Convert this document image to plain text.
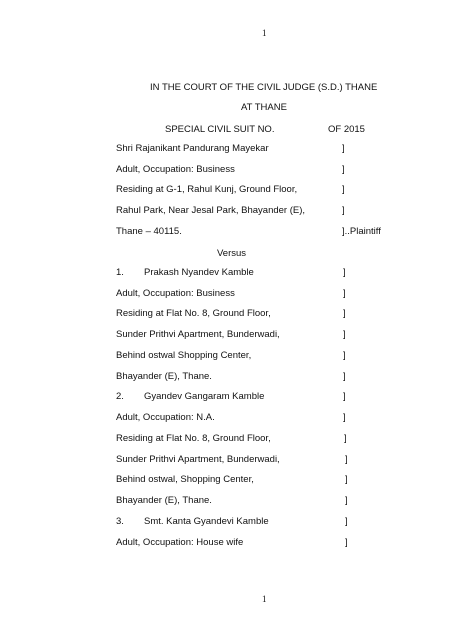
1
IN THE COURT OF THE CIVIL JUDGE (S.D.) THANE
AT THANE
SPECIAL CIVIL SUIT NO.	OF 2015
Shri Rajanikant Pandurang Mayekar	]
Adult, Occupation: Business	]
Residing at G-1, Rahul Kunj, Ground Floor,	]
Rahul Park, Near Jesal Park, Bhayander (E),	]
Thane – 40115.	]..Plaintiff
Versus
1. Prakash Nyandev Kamble	]
Adult, Occupation: Business	]
Residing at Flat No. 8, Ground Floor,	]
Sunder Prithvi Apartment, Bunderwadi,	]
Behind ostwal Shopping Center,	]
Bhayander (E), Thane.	]
2. Gyandev Gangaram Kamble	]
Adult, Occupation: N.A.	]
Residing at Flat No. 8, Ground Floor,	]
Sunder Prithvi Apartment, Bunderwadi,	]
Behind ostwal, Shopping Center,	]
Bhayander (E), Thane.	]
3. Smt. Kanta Gyandevi Kamble	]
Adult, Occupation: House wife	]
1
